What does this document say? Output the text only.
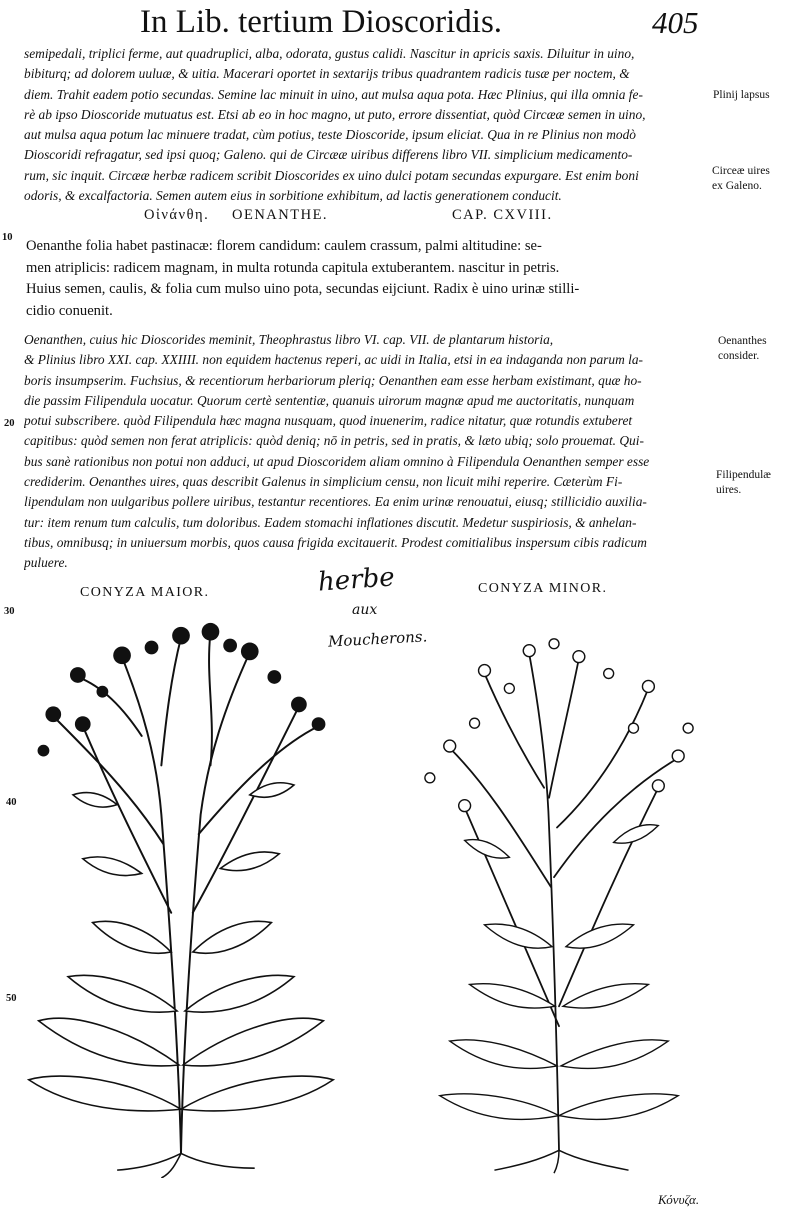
In Lib. tertium Dioscoridis.	405
semipedali, triplici ferme, aut quadruplici, alba, odorata, gustus calidi. Nascitur in apricis saxis. Diluitur in uino,
bibiturq; ad dolorem uuluæ, & uitia. Macerari oportet in sextarijs tribus quadrantem radicis tusæ per noctem, &
diem. Trahit eadem potio secundas. Semine lac minuit in uino, aut mulsa aqua pota. Hæc Plinius, qui illa omnia fe-
rè ab ipso Dioscoride mutuatus est. Etsi ab eo in hoc magno, ut puto, errore dissentiat, quòd Circææ semen in uino,
aut mulsa aqua potum lac minuere tradat, cùm potius, teste Dioscoride, ipsum eliciat. Qua in re Plinius non modò
Dioscoridi refragatur, sed ipsi quoq; Galeno. qui de Circææ uiribus differens libro VII. simplicium medicamento-
rum, sic inquit. Circææ herbæ radicem scribit Dioscorides ex uino dulci potam secundas expurgare. Est enim boni
odoris, & excalfactoria. Semen autem eius in sorbitione exhibitum, ad lactis generationem conducit.
Plinij lapsus
Circeæ uires
ex Galeno.
Oenanthes
consider.
Filipendulæ
uires.
10
20
30
40
50
Οἰνάνθη. OENANTHE.	CAP. CXVIII.
Oenanthe folia habet pastinacæ: florem candidum: caulem crassum, palmi altitudine: se-
men atriplicis: radicem magnam, in multa rotunda capitula extuberantem. nascitur in petris.
Huius semen, caulis, & folia cum mulso uino pota, secundas eijciunt. Radix è uino urinæ stilli-
cidio conuenit.
Oenanthen, cuius hic Dioscorides meminit, Theophrastus libro VI. cap. VII. de plantarum historia,
& Plinius libro XXI. cap. XXIIII. non equidem hactenus reperi, ac uidi in Italia, etsi in ea indaganda non parum la-
boris insumpserim. Fuchsius, & recentiorum herbariorum pleriq; Oenanthen eam esse herbam existimant, quæ ho-
die passim Filipendula uocatur. Quorum certè sententiæ, quanuis uirorum magnæ apud me auctoritatis, nunquam
potui subscribere. quòd Filipendula hæc magna nusquam, quod inuenerim, radice nitatur, quæ rotundis extuberet
capitibus: quòd semen non ferat atriplicis: quòd deniq; nō in petris, sed in pratis, & læto ubiq; solo prouemat. Qui-
bus sanè rationibus non potui non adduci, ut apud Dioscoridem aliam omnino à Filipendula Oenanthen semper esse
crediderim. Oenanthes uires, quas describit Galenus in simplicium censu, non licuit mihi reperire. Cæterùm Fi-
lipendulam non uulgaribus pollere uiribus, testantur recentiores. Ea enim urinæ renouatui, eiusq; stillicidio auxilia-
tur: item renum tum calculis, tum doloribus. Eadem stomachi inflationes discutit. Medetur suspiriosis, & anhelan-
tibus, omnibusq; in uniuersum morbis, quos causa frigida excitauerit. Prodest comitialibus inspersum cibis radicum
puluere.
CONYZA MAIOR.	CONYZA MINOR.
herbe
aux
Moucherons.
Κόνυζα.
